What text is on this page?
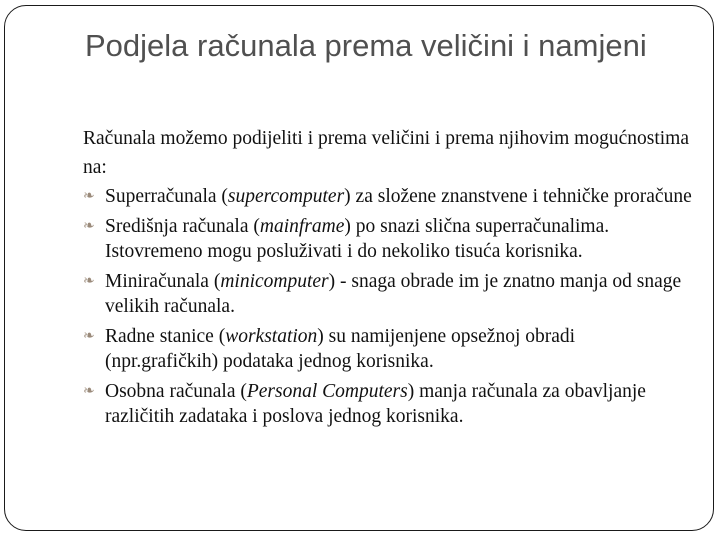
Podjela računala prema veličini i namjeni

Računala možemo podijeliti i prema veličini i prema njihovim mogućnostima na:

❧ Superračunala (supercomputer) za složene znanstvene i tehničke proračune
❧ Središnja računala (mainframe) po snazi slična superračunalima. Istovremeno mogu posluživati i do nekoliko tisuća korisnika.
❧ Miniračunala (minicomputer) - snaga obrade im je znatno manja od snage velikih računala.
❧ Radne stanice (workstation) su namijenjene opsežnoj obradi (npr.grafičkih) podataka jednog korisnika.
❧ Osobna računala (Personal Computers) manja računala za obavljanje različitih zadataka i poslova jednog korisnika.
